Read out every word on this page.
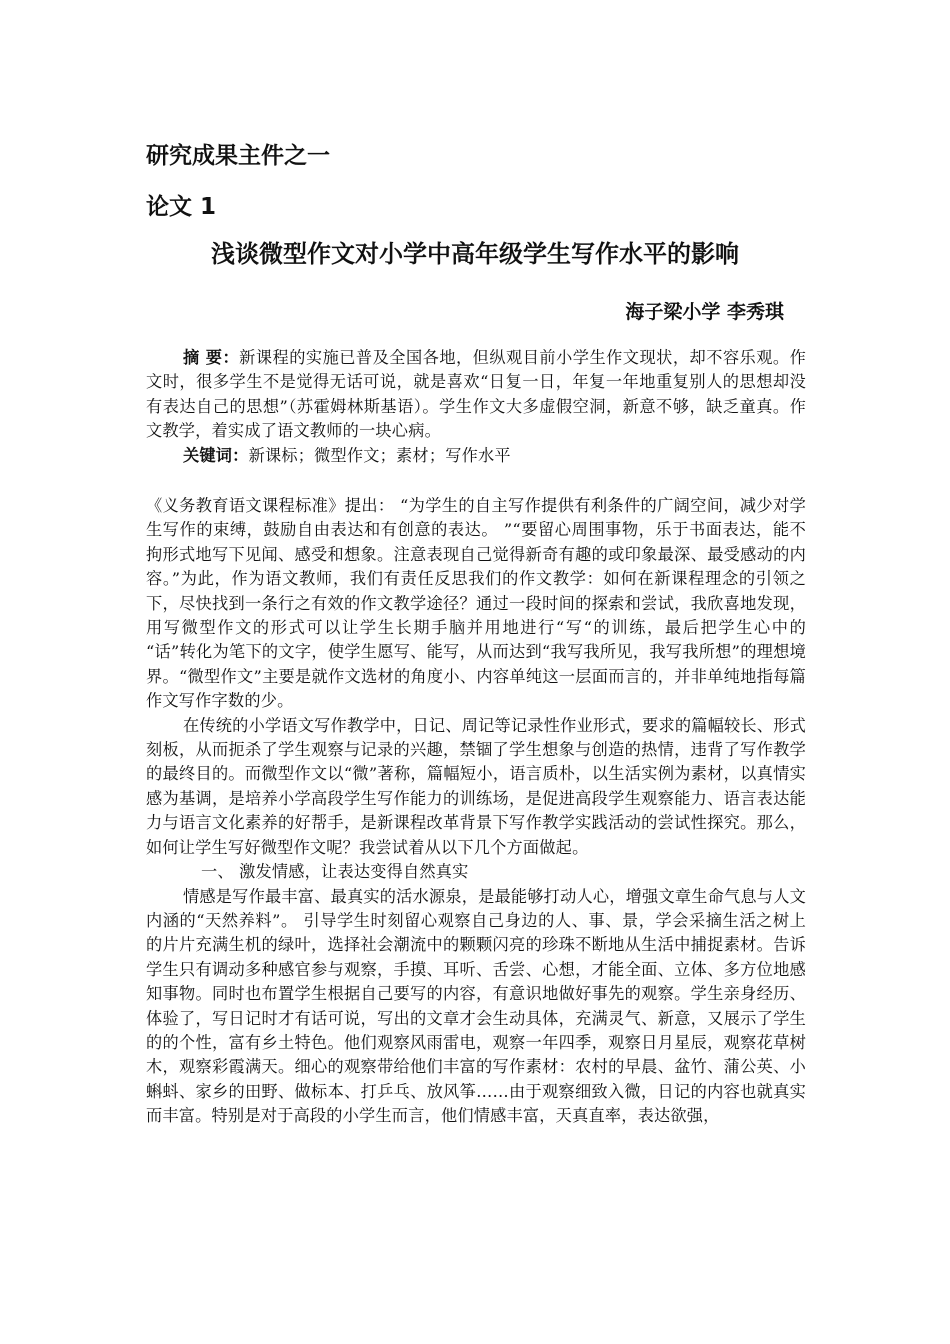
研究成果主件之一
论文 1
浅谈微型作文对小学中高年级学生写作水平的影响
海子梁小学 李秀琪

摘 要：新课程的实施已普及全国各地，但纵观目前小学生作文现状，却不容乐观。作文时，很多学生不是觉得无话可说，就是喜欢“日复一日，年复一年地重复别人的思想却没有表达自己的思想”（苏霍姆林斯基语）。学生作文大多虚假空洞，新意不够，缺乏童真。作文教学，着实成了语文教师的一块心病。

关键词：新课标；微型作文；素材；写作水平

《义务教育语文课程标准》提出： “为学生的自主写作提供有利条件的广阔空间，减少对学生写作的束缚，鼓励自由表达和有创意的表达。 ”“要留心周围事物，乐于书面表达，能不拘形式地写下见闻、感受和想象。注意表现自己觉得新奇有趣的或印象最深、最受感动的内容。”为此，作为语文教师，我们有责任反思我们的作文教学：如何在新课程理念的引领之下，尽快找到一条行之有效的作文教学途径？通过一段时间的探索和尝试，我欣喜地发现，用写微型作文的形式可以让学生长期手脑并用地进行“写“的训练，最后把学生心中的 “话”转化为笔下的文字，使学生愿写、能写，从而达到“我写我所见，我写我所想”的理想境界。“微型作文”主要是就作文选材的角度小、内容单纯这一层面而言的，并非单纯地指每篇作文写作字数的少。

在传统的小学语文写作教学中，日记、周记等记录性作业形式，要求的篇幅较长、形式刻板，从而扼杀了学生观察与记录的兴趣，禁锢了学生想象与创造的热情，违背了写作教学的最终目的。而微型作文以“微”著称，篇幅短小，语言质朴，以生活实例为素材，以真情实感为基调，是培养小学高段学生写作能力的训练场，是促进高段学生观察能力、语言表达能力与语言文化素养的好帮手，是新课程改革背景下写作教学实践活动的尝试性探究。那么，如何让学生写好微型作文呢？我尝试着从以下几个方面做起。

一、 激发情感，让表达变得自然真实

情感是写作最丰富、最真实的活水源泉，是最能够打动人心，增强文章生命气息与人文内涵的“天然养料”。 引导学生时刻留心观察自己身边的人、事、景，学会采摘生活之树上的片片充满生机的绿叶，选择社会潮流中的颗颗闪亮的珍珠不断地从生活中捕捉素材。告诉学生只有调动多种感官参与观察，手摸、耳听、舌尝、心想，才能全面、立体、多方位地感知事物。同时也布置学生根据自己要写的内容，有意识地做好事先的观察。学生亲身经历、体验了，写日记时才有话可说，写出的文章才会生动具体，充满灵气、新意，又展示了学生的的个性，富有乡土特色。他们观察风雨雷电，观察一年四季，观察日月星辰，观察花草树木，观察彩霞满天。细心的观察带给他们丰富的写作素材：农村的早晨、盆竹、蒲公英、小蝌蚪、家乡的田野、做标本、打乒乓、放风筝……由于观察细致入微，日记的内容也就真实而丰富。特别是对于高段的小学生而言，他们情感丰富，天真直率，表达欲强，
